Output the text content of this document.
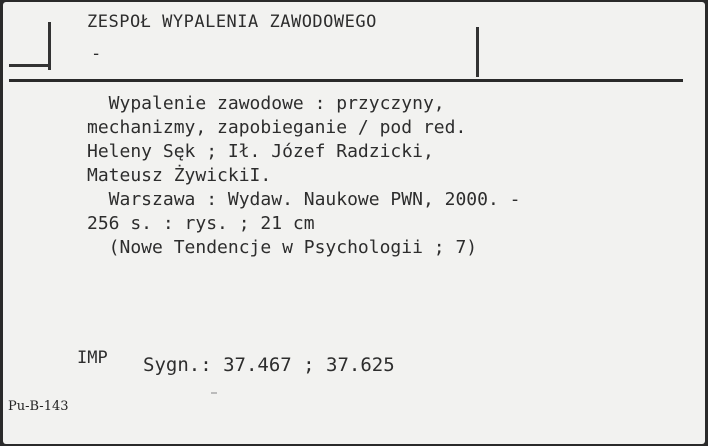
ZESPOŁ WYPALENIA ZAWODOWEGO
-
Wypalenie zawodowe : przyczyny,
mechanizmy, zapobieganie / pod red.
Heleny Sęk ; Ił. Józef Radzicki,
Mateusz ŻywickiI.
Warszawa : Wydaw. Naukowe PWN, 2000. -
256 s. : rys. ; 21 cm
(Nowe Tendencje w Psychologii ; 7)
IMP Sygn.: 37.467 ; 37.625
Pu-B-143
